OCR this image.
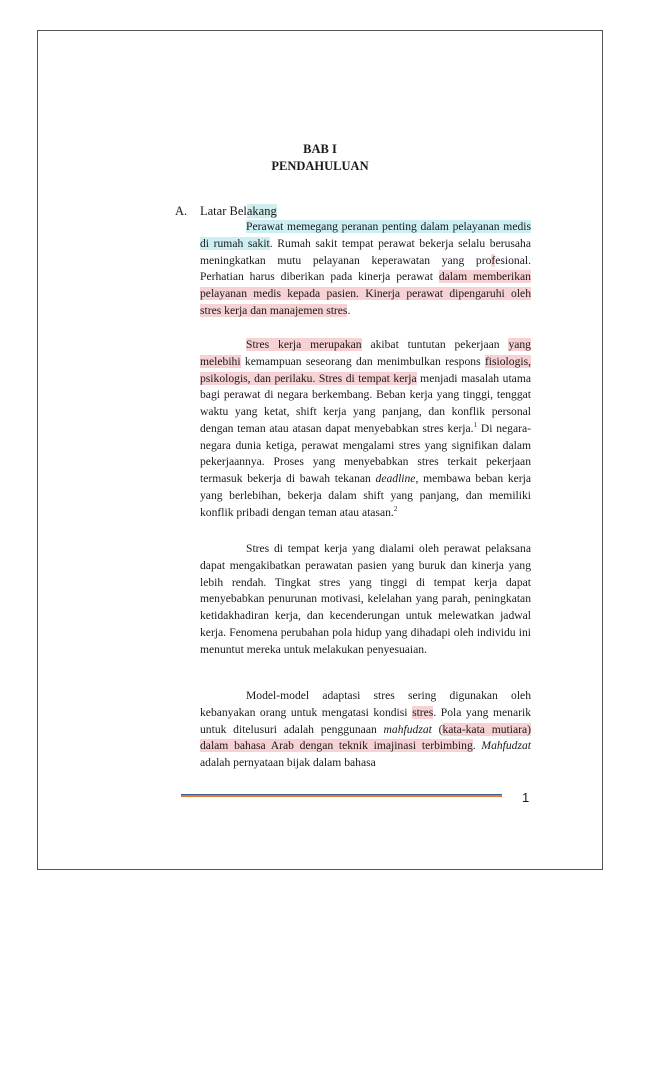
BAB I
PENDAHULUAN
A. Latar Belakang

Perawat memegang peranan penting dalam pelayanan medis di rumah sakit. Rumah sakit tempat perawat bekerja selalu berusaha meningkatkan mutu pelayanan keperawatan yang profesional. Perhatian harus diberikan pada kinerja perawat dalam memberikan pelayanan medis kepada pasien. Kinerja perawat dipengaruhi oleh stres kerja dan manajemen stres.

Stres kerja merupakan akibat tuntutan pekerjaan yang melebihi kemampuan seseorang dan menimbulkan respons fisiologis, psikologis, dan perilaku. Stres di tempat kerja menjadi masalah utama bagi perawat di negara berkembang. Beban kerja yang tinggi, tenggat waktu yang ketat, shift kerja yang panjang, dan konflik personal dengan teman atau atasan dapat menyebabkan stres kerja.$^1$ Di negara-negara dunia ketiga, perawat mengalami stres yang signifikan dalam pekerjaannya. Proses yang menyebabkan stres terkait pekerjaan termasuk bekerja di bawah tekanan deadline, membawa beban kerja yang berlebihan, bekerja dalam shift yang panjang, dan memiliki konflik pribadi dengan teman atau atasan.$^2$

Stres di tempat kerja yang dialami oleh perawat pelaksana dapat mengakibatkan perawatan pasien yang buruk dan kinerja yang lebih rendah. Tingkat stres yang tinggi di tempat kerja dapat menyebabkan penurunan motivasi, kelelahan yang parah, peningkatan ketidakhadiran kerja, dan kecenderungan untuk melewatkan jadwal kerja. Fenomena perubahan pola hidup yang dihadapi oleh individu ini menuntut mereka untuk melakukan penyesuaian.

Model-model adaptasi stres sering digunakan oleh kebanyakan orang untuk mengatasi kondisi stres. Pola yang menarik untuk ditelusuri adalah penggunaan mahfudzat (kata-kata mutiara) dalam bahasa Arab dengan teknik imajinasi terbimbing. Mahfudzat adalah pernyataan bijak dalam bahasa

1
